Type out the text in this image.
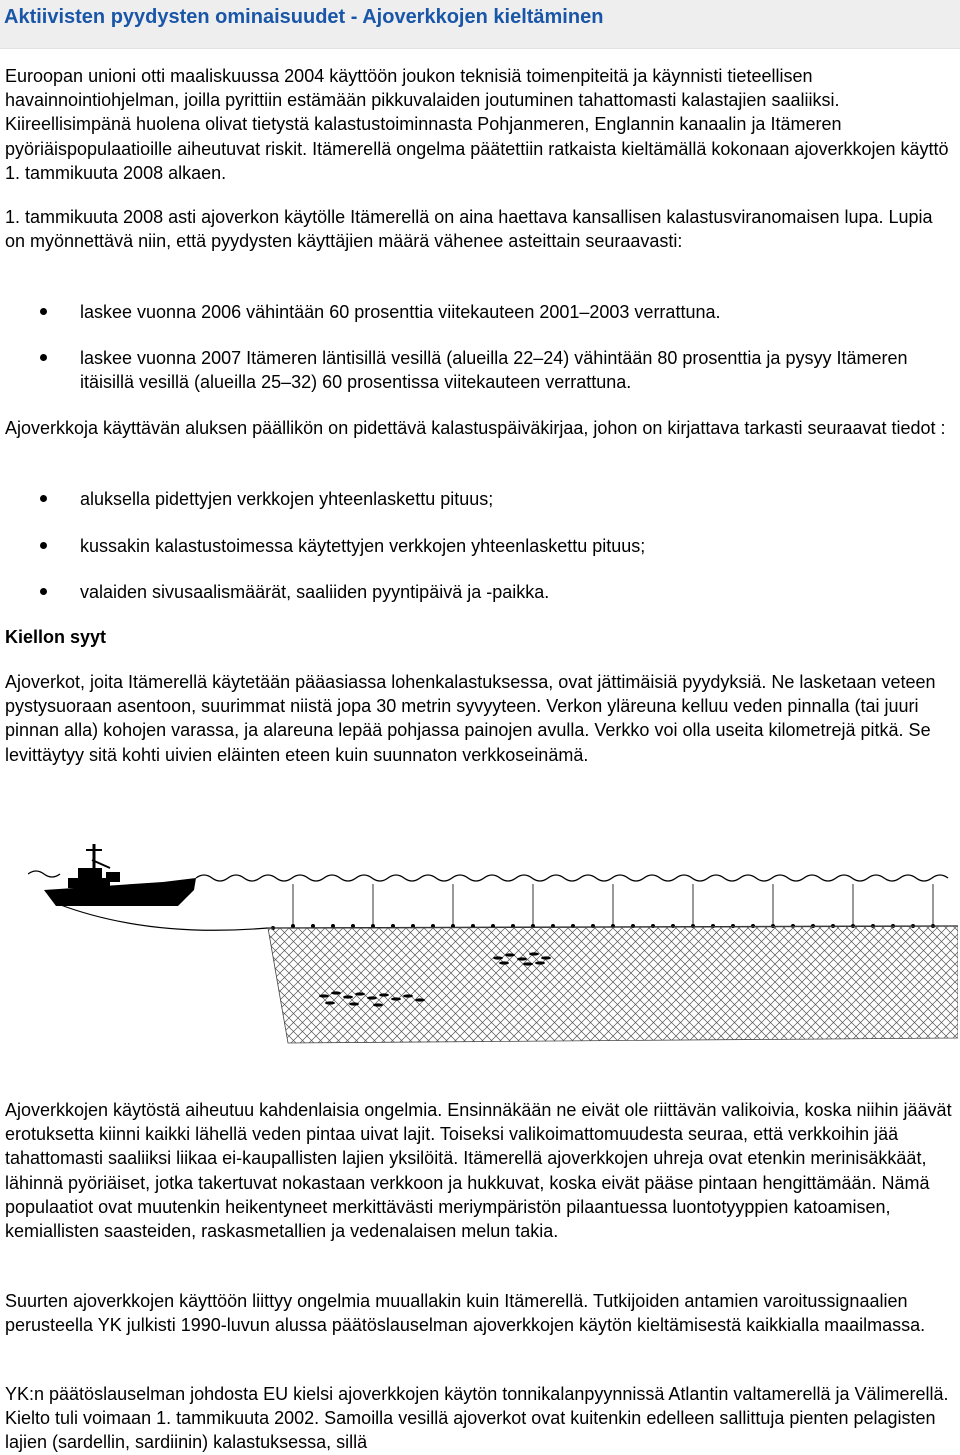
Aktiivisten pyydysten ominaisuudet - Ajoverkkojen kieltäminen

Euroopan unioni otti maaliskuussa 2004 käyttöön joukon teknisiä toimenpiteitä ja käynnisti tieteellisen havainnointiohjelman, joilla pyrittiin estämään pikkuvalaiden joutuminen tahattomasti kalastajien saaliiksi. Kiireellisimpänä huolena olivat tietystä kalastustoiminnasta Pohjanmeren, Englannin kanaalin ja Itämeren pyöriäispopulaatioille aiheutuvat riskit. Itämerellä ongelma päätettiin ratkaista kieltämällä kokonaan ajoverkkojen käyttö 1. tammikuuta 2008 alkaen.

1. tammikuuta 2008 asti ajoverkon käytölle Itämerellä on aina haettava kansallisen kalastusviranomaisen lupa. Lupia on myönnettävä niin, että pyydysten käyttäjien määrä vähenee asteittain seuraavasti:

laskee vuonna 2006 vähintään 60 prosenttia viitekauteen 2001–2003 verrattuna.

laskee vuonna 2007 Itämeren läntisillä vesillä (alueilla 22–24) vähintään 80 prosenttia ja pysyy Itämeren itäisillä vesillä (alueilla 25–32) 60 prosentissa viitekauteen verrattuna.

Ajoverkkoja käyttävän aluksen päällikön on pidettävä kalastuspäiväkirjaa, johon on kirjattava tarkasti seuraavat tiedot :

aluksella pidettyjen verkkojen yhteenlaskettu pituus;

kussakin kalastustoimessa käytettyjen verkkojen yhteenlaskettu pituus;

valaiden sivusaalismäärät, saaliiden pyyntipäivä ja -paikka.

Kiellon syyt

Ajoverkot, joita Itämerellä käytetään pääasiassa lohenkalastuksessa, ovat jättimäisiä pyydyksiä. Ne lasketaan veteen pystysuoraan asentoon, suurimmat niistä jopa 30 metrin syvyyteen. Verkon yläreuna kelluu veden pinnalla (tai juuri pinnan alla) kohojen varassa, ja alareuna lepää pohjassa painojen avulla. Verkko voi olla useita kilometrejä pitkä. Se levittäytyy sitä kohti uivien eläinten eteen kuin suunnaton verkkoseinämä.

Ajoverkkojen käytöstä aiheutuu kahdenlaisia ongelmia. Ensinnäkään ne eivät ole riittävän valikoivia, koska niihin jäävät erotuksetta kiinni kaikki lähellä veden pintaa uivat lajit. Toiseksi valikoimattomuudesta seuraa, että verkkoihin jää tahattomasti saaliiksi liikaa ei-kaupallisten lajien yksilöitä. Itämerellä ajoverkkojen uhreja ovat etenkin merinisäkkäät, lähinnä pyöriäiset, jotka takertuvat nokastaan verkkoon ja hukkuvat, koska eivät pääse pintaan hengittämään. Nämä populaatiot ovat muutenkin heikentyneet merkittävästi meriympäristön pilaantuessa luontotyyppien katoamisen, kemiallisten saasteiden, raskasmetallien ja vedenalaisen melun takia.

Suurten ajoverkkojen käyttöön liittyy ongelmia muuallakin kuin Itämerellä. Tutkijoiden antamien varoitussignaalien perusteella YK julkisti 1990-luvun alussa päätöslauselman ajoverkkojen käytön kieltämisestä kaikkialla maailmassa.

YK:n päätöslauselman johdosta EU kielsi ajoverkkojen käytön tonnikalanpyynnissä Atlantin valtamerellä ja Välimerellä. Kielto tuli voimaan 1. tammikuuta 2002. Samoilla vesillä ajoverkot ovat kuitenkin edelleen sallittuja pienten pelagisten lajien (sardellin, sardiinin) kalastuksessa, sillä
